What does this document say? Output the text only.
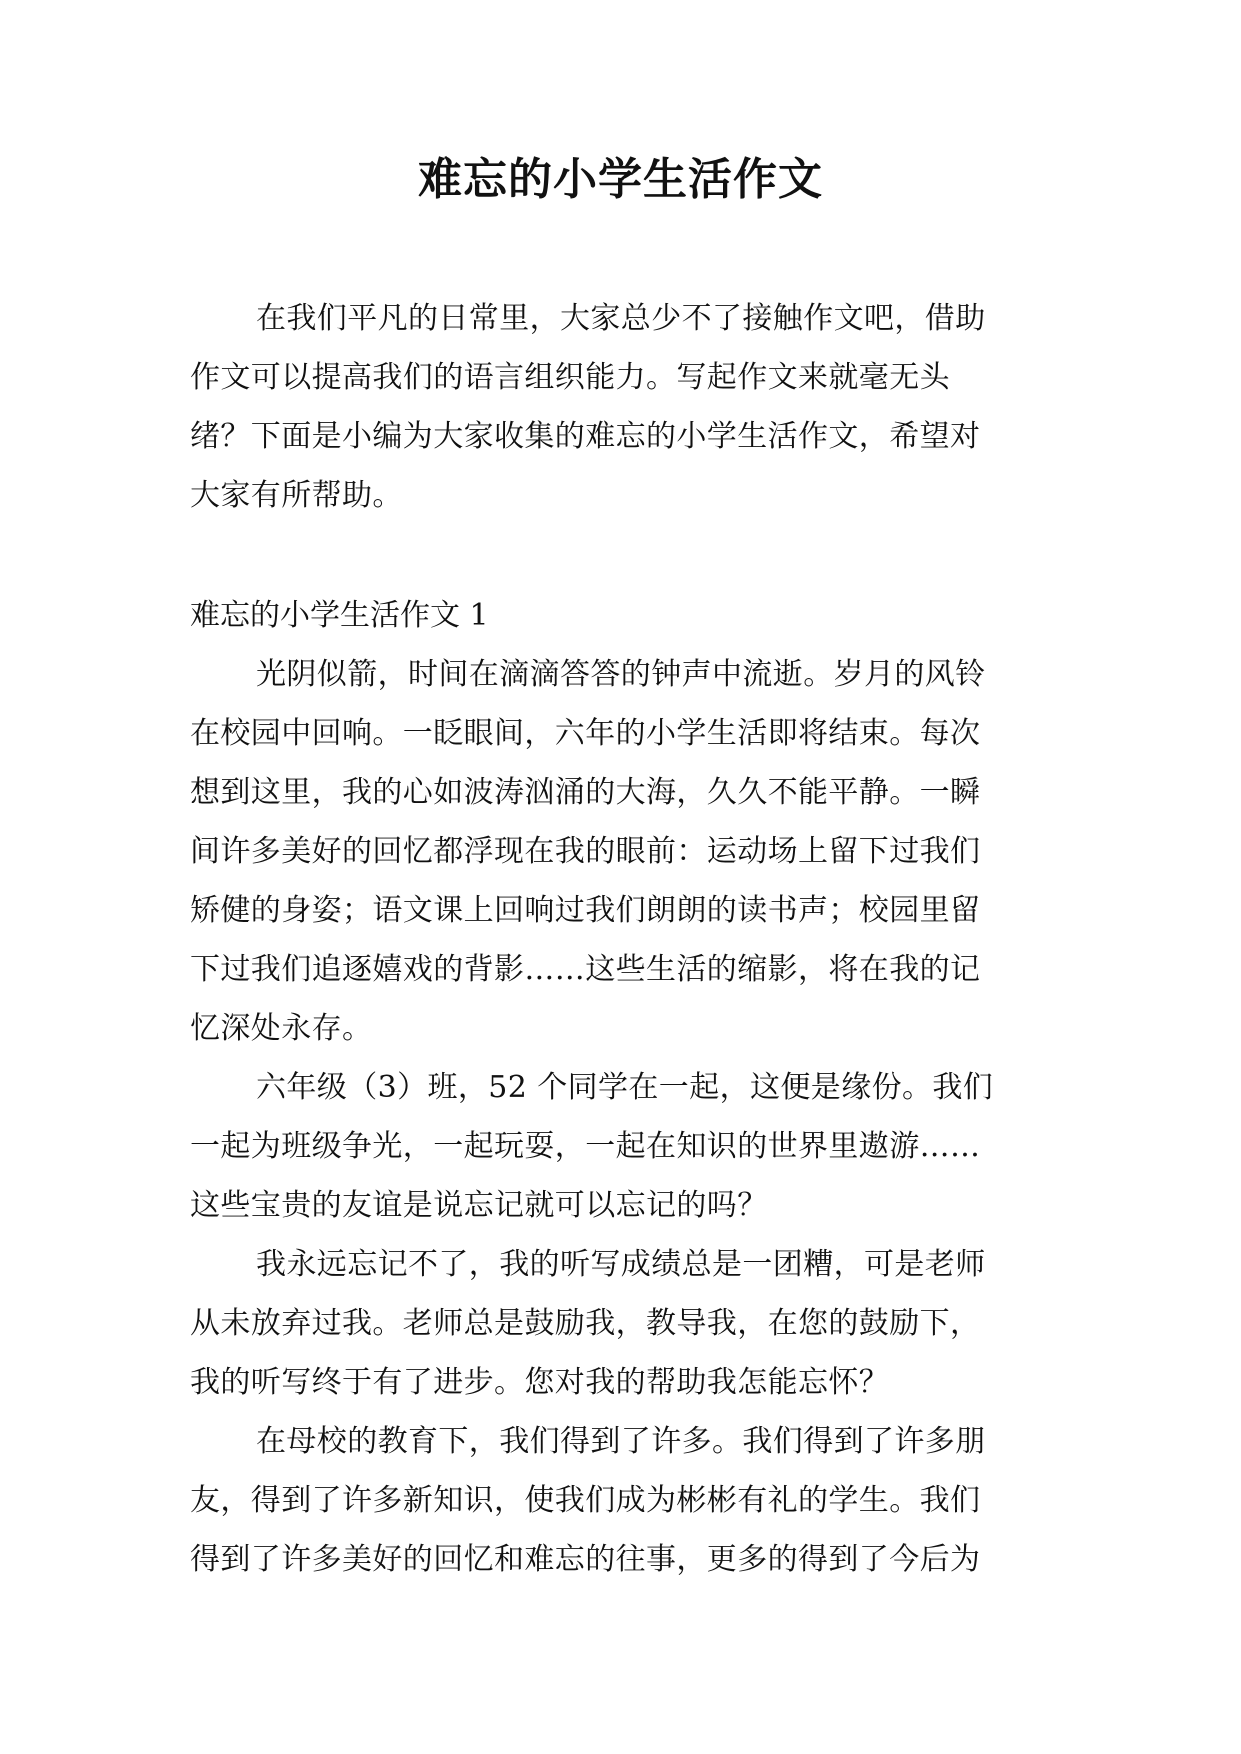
难忘的小学生活作文
在我们平凡的日常里，大家总少不了接触作文吧，借助
作文可以提高我们的语言组织能力。写起作文来就毫无头
绪？下面是小编为大家收集的难忘的小学生活作文，希望对
大家有所帮助。
难忘的小学生活作文 1
光阴似箭，时间在滴滴答答的钟声中流逝。岁月的风铃
在校园中回响。一眨眼间，六年的小学生活即将结束。每次
想到这里，我的心如波涛汹涌的大海，久久不能平静。一瞬
间许多美好的回忆都浮现在我的眼前：运动场上留下过我们
矫健的身姿；语文课上回响过我们朗朗的读书声；校园里留
下过我们追逐嬉戏的背影……这些生活的缩影，将在我的记
忆深处永存。
六年级（3）班，52 个同学在一起，这便是缘份。我们
一起为班级争光，一起玩耍，一起在知识的世界里遨游……
这些宝贵的友谊是说忘记就可以忘记的吗？
我永远忘记不了，我的听写成绩总是一团糟，可是老师
从未放弃过我。老师总是鼓励我，教导我，在您的鼓励下，
我的听写终于有了进步。您对我的帮助我怎能忘怀？
在母校的教育下，我们得到了许多。我们得到了许多朋
友，得到了许多新知识，使我们成为彬彬有礼的学生。我们
得到了许多美好的回忆和难忘的往事，更多的得到了今后为
